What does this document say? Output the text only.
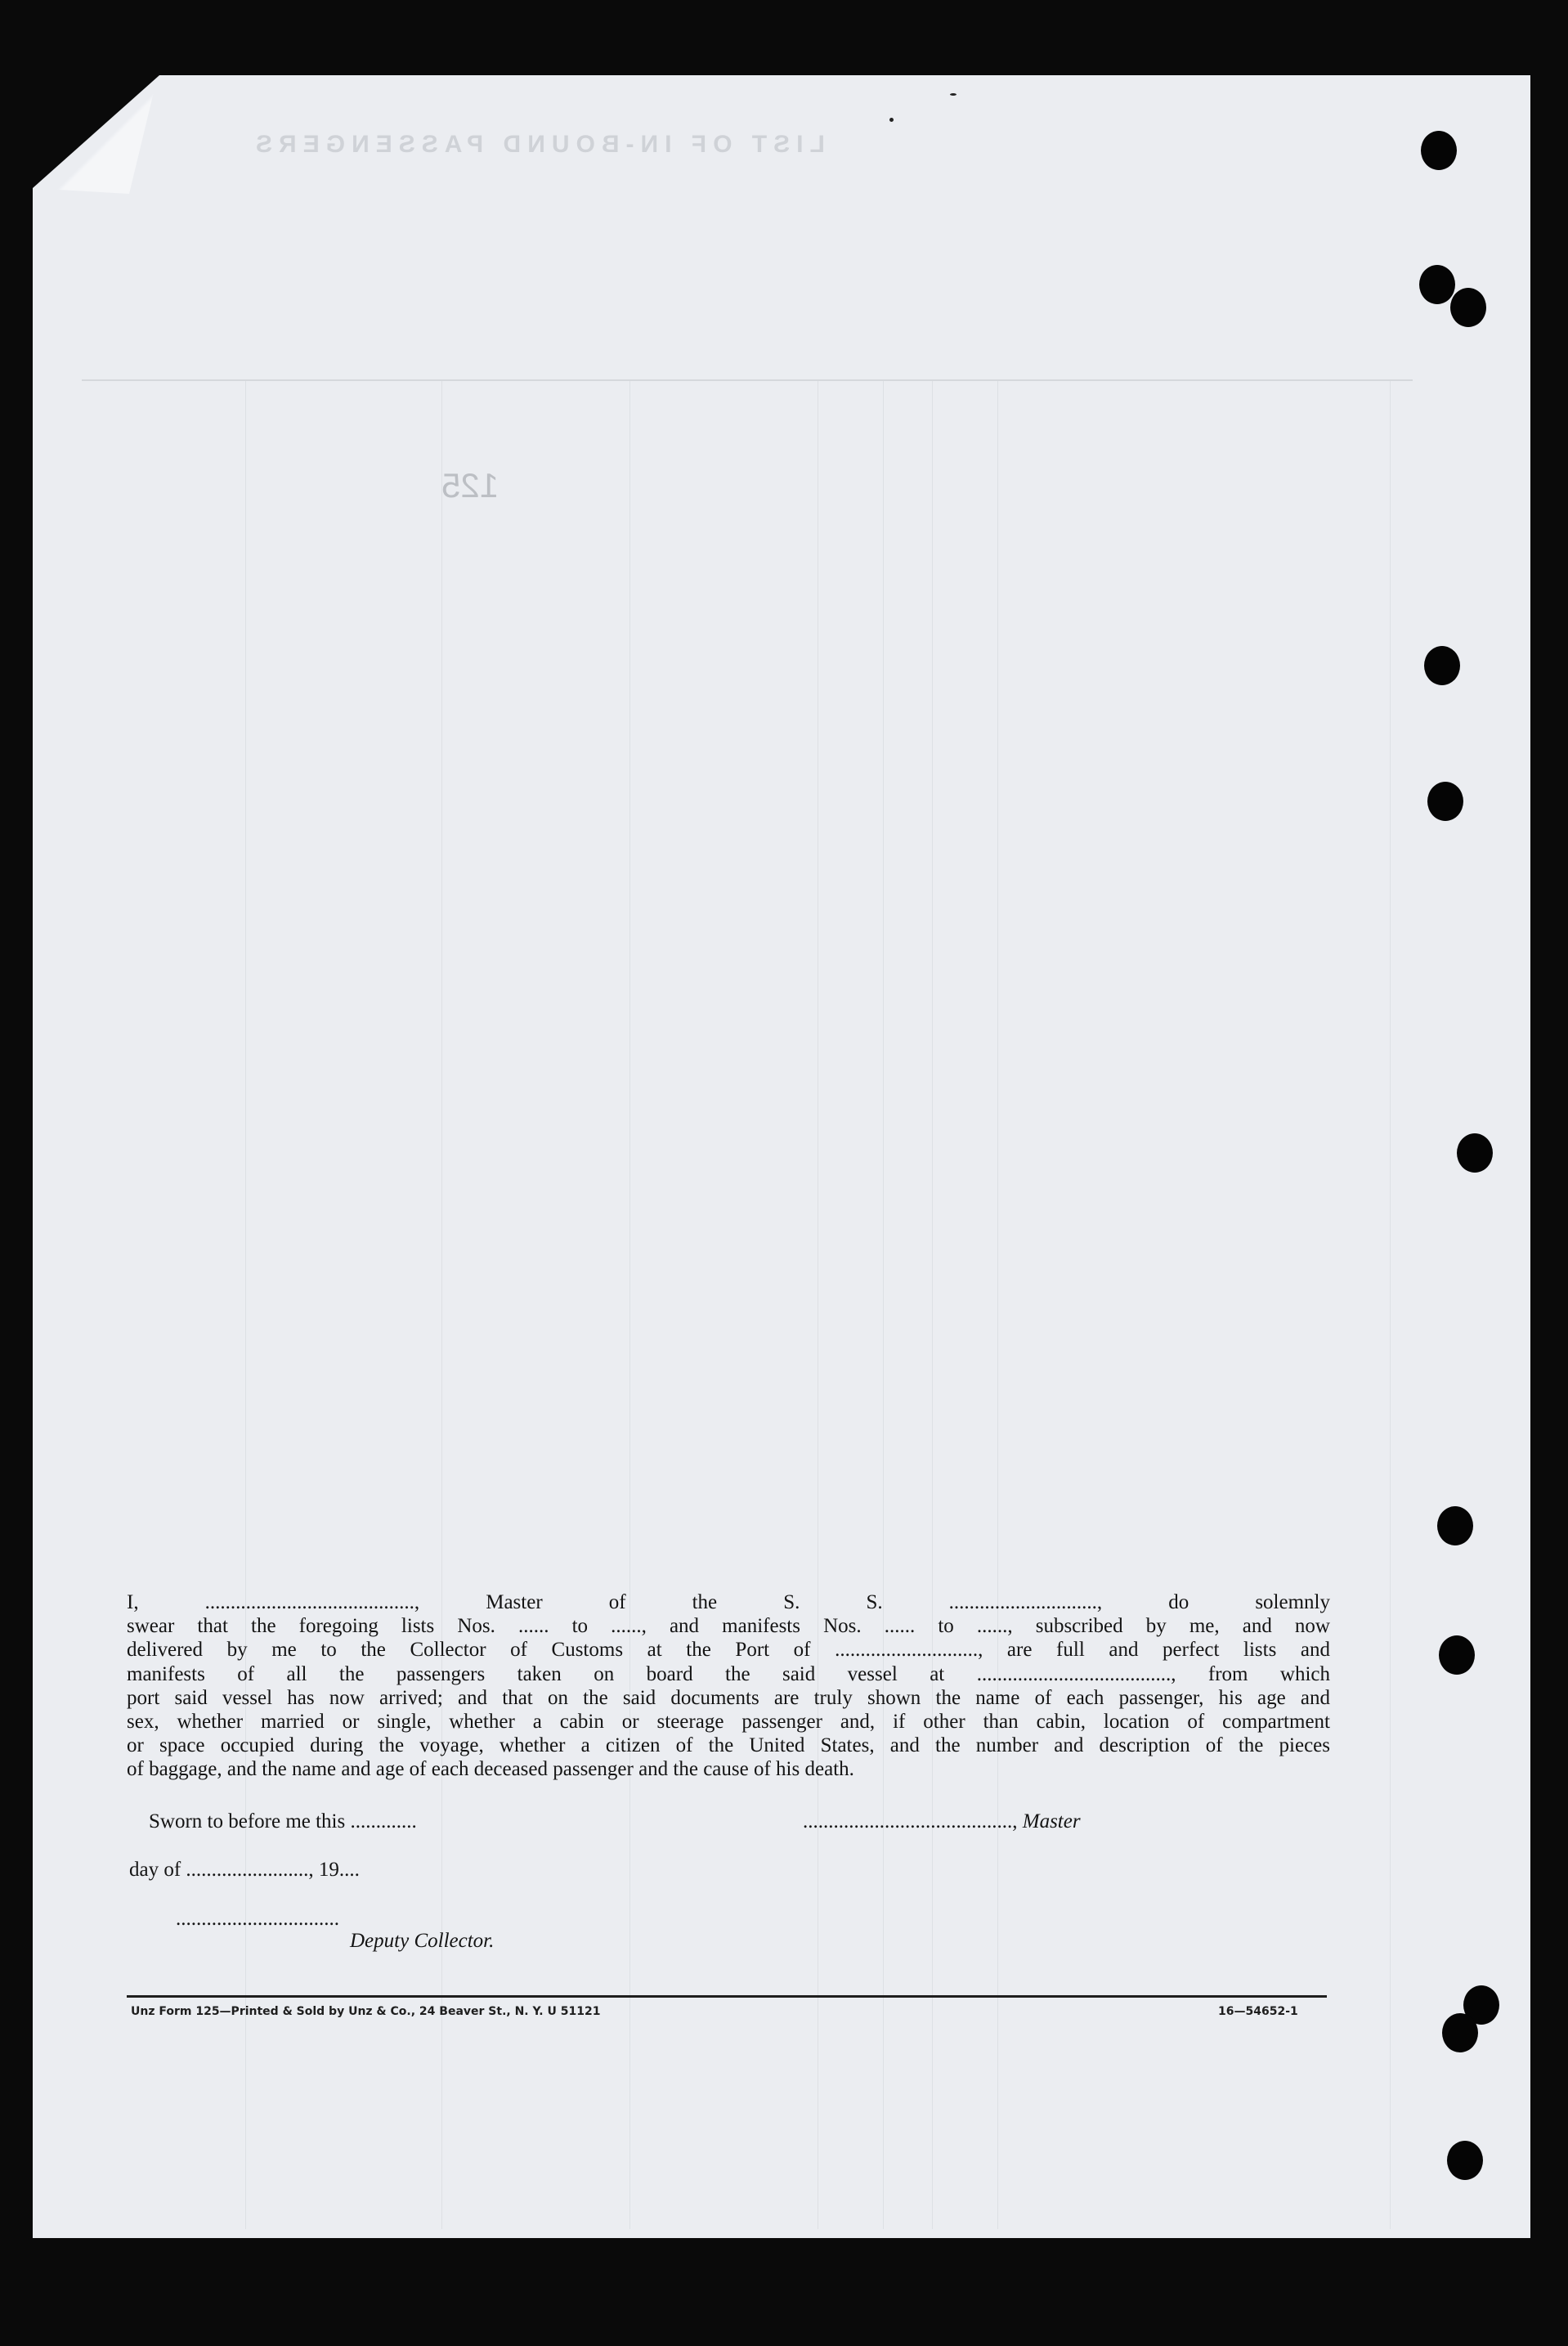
LIST OF IN-BOUND PASSENGERS
125
I, ........................................., Master of the S. S. ............................., do solemnly
swear that the foregoing lists Nos. ...... to ......, and manifests Nos. ...... to ......, subscribed by me, and now
delivered by me to the Collector of Customs at the Port of ............................, are full and perfect lists and
manifests of all the passengers taken on board the said vessel at ......................................, from which
port said vessel has now arrived; and that on the said documents are truly shown the name of each passenger, his age and
sex, whether married or single, whether a cabin or steerage passenger and, if other than cabin, location of compartment
or space occupied during the voyage, whether a citizen of the United States, and the number and description of the pieces
of baggage, and the name and age of each deceased passenger and the cause of his death.
Sworn to before me this .............	........................................., Master
day of ........................, 19....
................................
Deputy Collector.
Unz Form 125—Printed & Sold by Unz & Co., 24 Beaver St., N. Y. U 51121	16—54652-1
